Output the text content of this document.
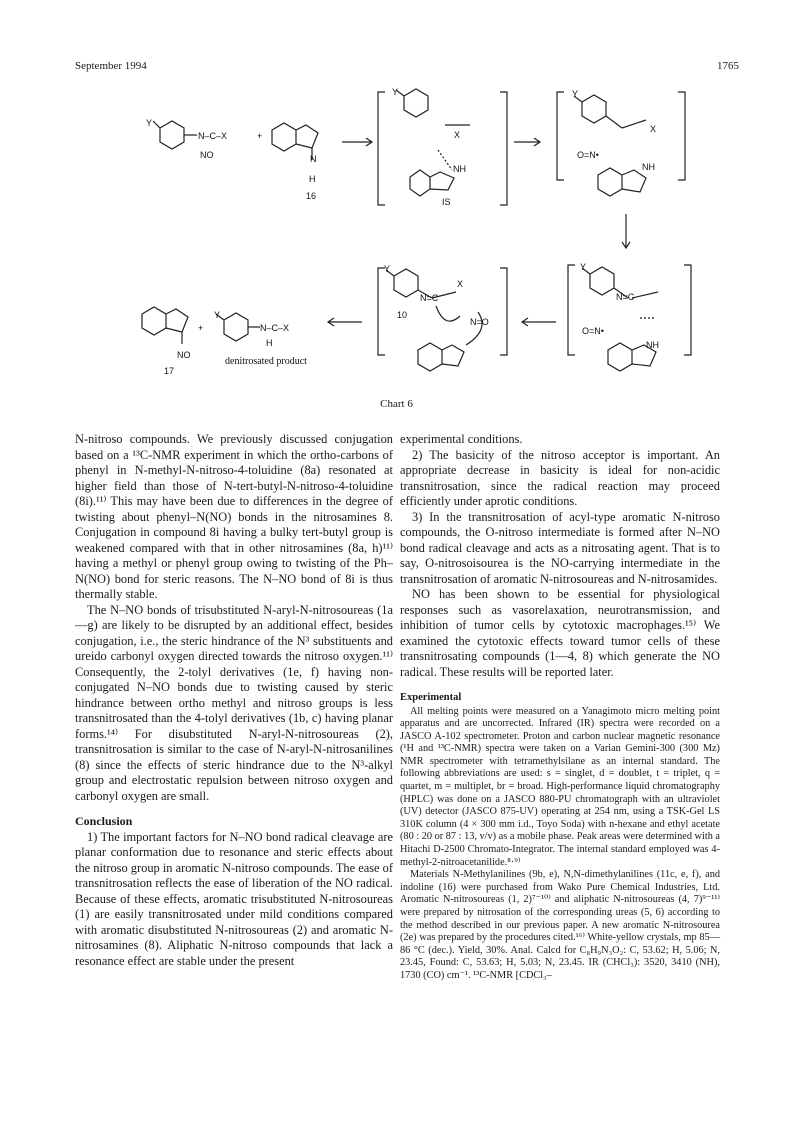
September 1994	1765
Y
N–C–X
NO
+
N
H
16
Y
X
NH
IS
Y
X
O=N•
NH
Y
N=C
O=N•
NH
Y
X
N=C
10
N=O
Y
N–C–X
H
+
NO
17
denitrosated product
Chart 6

N-nitroso compounds. We previously discussed conjugation based on a ¹³C-NMR experiment in which the ortho-carbons of phenyl in N-methyl-N-nitroso-4-toluidine (8a) resonated at higher field than those of N-tert-butyl-N-nitroso-4-toluidine (8i).¹¹⁾ This may have been due to differences in the degree of twisting about phenyl–N(NO) bonds in the nitrosamines 8. Conjugation in compound 8i having a bulky tert-butyl group is weakened compared with that in other nitrosamines (8a, h)¹¹⁾ having a methyl or phenyl group owing to twisting of the Ph–N(NO) bond for steric reasons. The N–NO bond of 8i is thus thermally stable.

The N–NO bonds of trisubstituted N-aryl-N-nitrosoureas (1a—g) are likely to be disrupted by an additional effect, besides conjugation, i.e., the steric hindrance of the N³ substituents and ureido carbonyl oxygen directed towards the nitroso oxygen.¹¹⁾ Consequently, the 2-tolyl derivatives (1e, f) having non-conjugated N–NO bonds due to twisting caused by steric hindrance between ortho methyl and nitroso groups is less transnitrosated than the 4-tolyl derivatives (1b, c) having planar forms.¹⁴⁾ For disubstituted N-aryl-N-nitrosoureas (2), transnitrosation is similar to the case of N-aryl-N-nitrosanilines (8) since the effects of steric hindrance due to the N³-alkyl group and electrostatic repulsion between nitroso oxygen and carbonyl oxygen are small.

Conclusion

1) The important factors for N–NO bond radical cleavage are planar conformation due to resonance and steric effects about the nitroso group in aromatic N-nitroso compounds. The ease of transnitrosation reflects the ease of liberation of the NO radical. Because of these effects, aromatic trisubstituted N-nitrosoureas (1) are easily transnitrosated under mild conditions compared with aromatic disubstituted N-nitrosoureas (2) and aromatic N-nitrosamines (8). Aliphatic N-nitroso compounds that lack a resonance effect are stable under the present

experimental conditions.

2) The basicity of the nitroso acceptor is important. An appropriate decrease in basicity is ideal for non-acidic transnitrosation, since the radical reaction may proceed efficiently under aprotic conditions.

3) In the transnitrosation of acyl-type aromatic N-nitroso compounds, the O-nitroso intermediate is formed after N–NO bond radical cleavage and acts as a nitrosating agent. That is to say, O-nitrosoisourea is the NO-carrying intermediate in the transnitrosation of aromatic N-nitrosoureas and N-nitrosamides.

NO has been shown to be essential for physiological responses such as vasorelaxation, neurotransmission, and inhibition of tumor cells by cytotoxic macrophages.¹⁵⁾ We examined the cytotoxic effects toward tumor cells of these transnitrosating compounds (1—4, 8) which generate the NO radical. These results will be reported later.

Experimental

All melting points were measured on a Yanagimoto micro melting point apparatus and are uncorrected. Infrared (IR) spectra were recorded on a JASCO A-102 spectrometer. Proton and carbon nuclear magnetic resonance (¹H and ¹³C-NMR) spectra were taken on a Varian Gemini-300 (300 Mz) NMR spectrometer with tetramethylsilane as an internal standard. The following abbreviations are used: s = singlet, d = doublet, t = triplet, q = quartet, m = multiplet, br = broad. High-performance liquid chromatography (HPLC) was done on a JASCO 880-PU chromatograph with an ultraviolet (UV) detector (JASCO 875-UV) operating at 254 nm, using a TSK-Gel LS 310K column (4 × 300 mm i.d., Toyo Soda) with n-hexane and ethyl acetate (80 : 20 or 87 : 13, v/v) as a mobile phase. Peak areas were determined with a Hitachi D-2500 Chromato-Integrator. The internal standard employed was 4-methyl-2-nitroacetanilide.⁸·⁹⁾

Materials N-Methylanilines (9b, e), N,N-dimethylanilines (11c, e, f), and indoline (16) were purchased from Wako Pure Chemical Industries, Ltd. Aromatic N-nitrosoureas (1, 2)⁷⁻¹⁰⁾ and aliphatic N-nitrosoureas (4, 7)⁹⁻¹¹⁾ were prepared by nitrosation of the corresponding ureas (5, 6) according to the method described in our previous paper. A new aromatic N-nitrosourea (2e) was prepared by the procedures cited.¹⁶⁾ White-yellow crystals, mp 85—86 °C (dec.). Yield, 30%. Anal. Calcd for C₈H₉N₃O₂: C, 53.62; H, 5.06; N, 23.45, Found: C, 53.63; H, 5.03; N, 23.45. IR (CHCl₃): 3520, 3410 (NH), 1730 (CO) cm⁻¹. ¹³C-NMR [CDCl₃–
